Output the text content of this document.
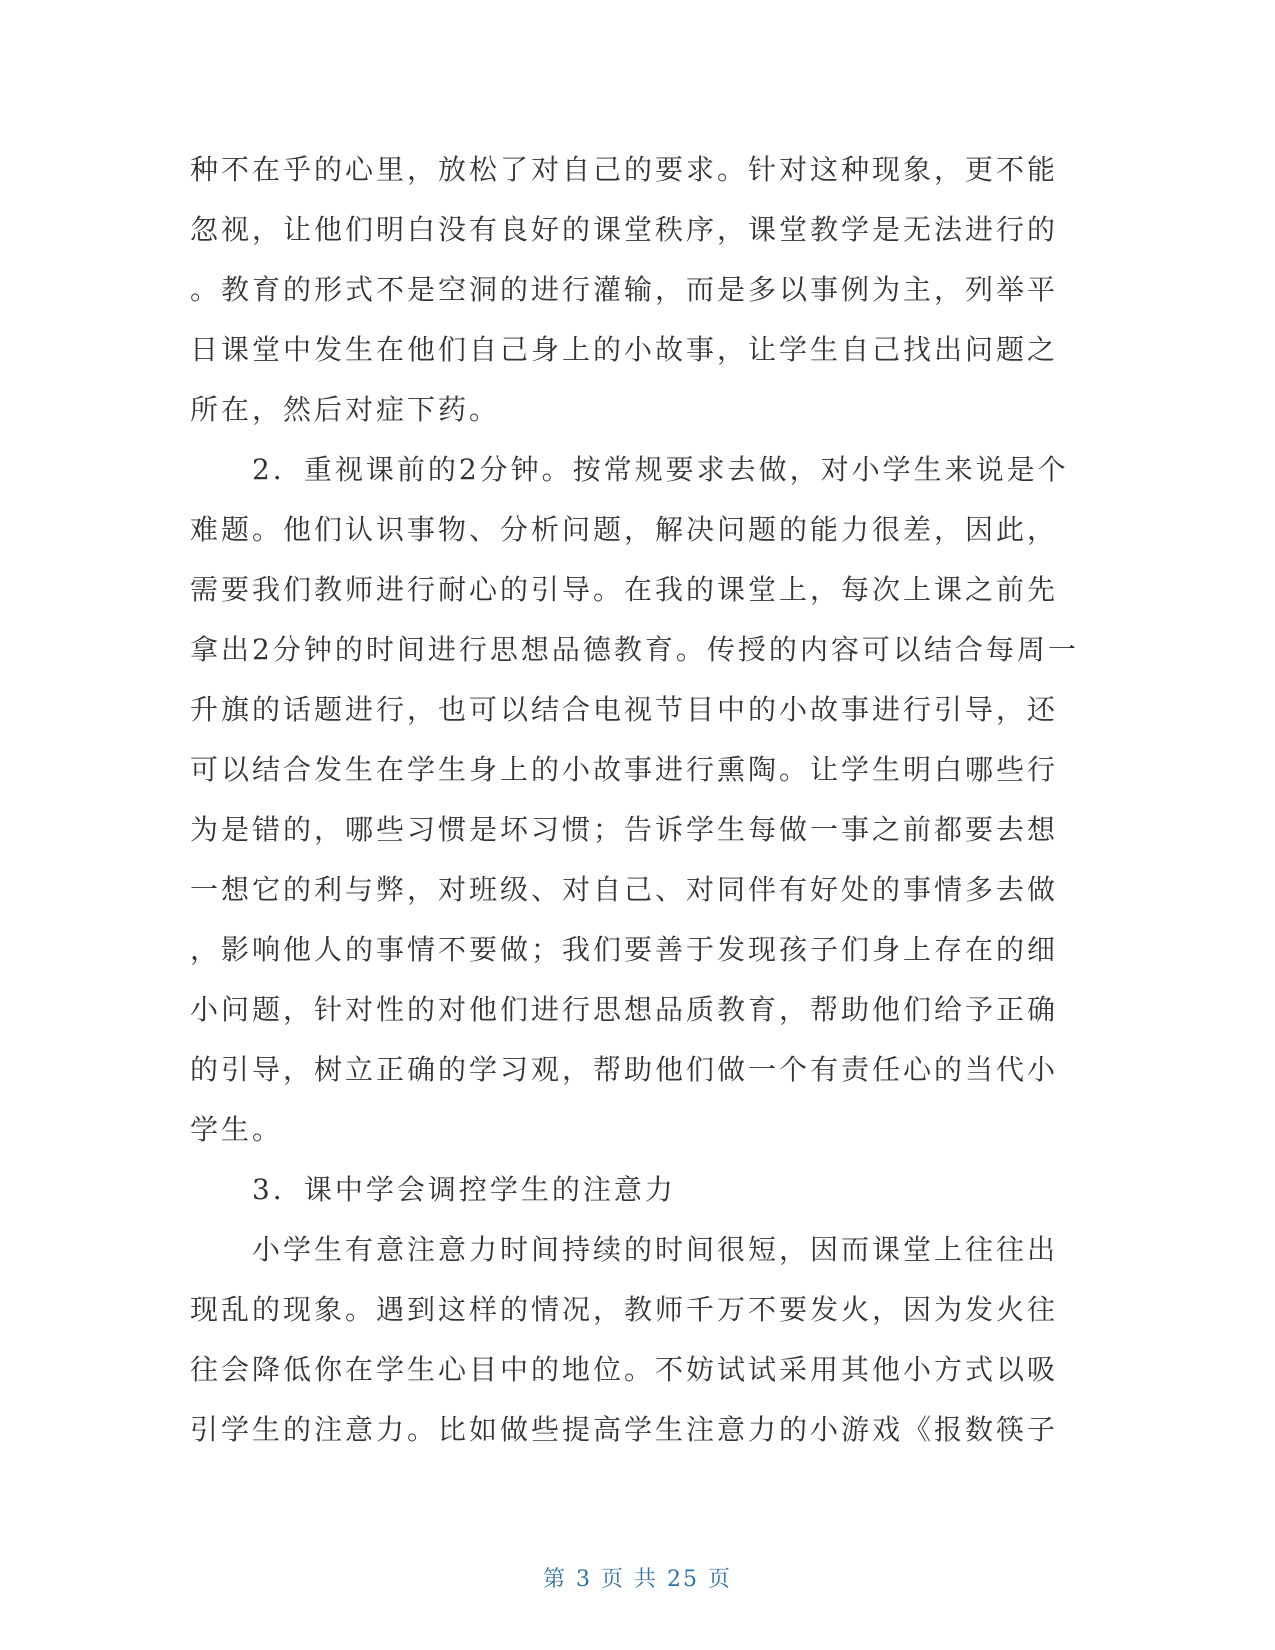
种不在乎的心里，放松了对自己的要求。针对这种现象，更不能
忽视，让他们明白没有良好的课堂秩序，课堂教学是无法进行的
。教育的形式不是空洞的进行灌输，而是多以事例为主，列举平
日课堂中发生在他们自己身上的小故事，让学生自己找出问题之
所在，然后对症下药。
　　2．重视课前的2分钟。按常规要求去做，对小学生来说是个
难题。他们认识事物、分析问题，解决问题的能力很差，因此，
需要我们教师进行耐心的引导。在我的课堂上，每次上课之前先
拿出2分钟的时间进行思想品德教育。传授的内容可以结合每周一
升旗的话题进行，也可以结合电视节目中的小故事进行引导，还
可以结合发生在学生身上的小故事进行熏陶。让学生明白哪些行
为是错的，哪些习惯是坏习惯；告诉学生每做一事之前都要去想
一想它的利与弊，对班级、对自己、对同伴有好处的事情多去做
，影响他人的事情不要做；我们要善于发现孩子们身上存在的细
小问题，针对性的对他们进行思想品质教育，帮助他们给予正确
的引导，树立正确的学习观，帮助他们做一个有责任心的当代小
学生。
　　3．课中学会调控学生的注意力
　　小学生有意注意力时间持续的时间很短，因而课堂上往往出
现乱的现象。遇到这样的情况，教师千万不要发火，因为发火往
往会降低你在学生心目中的地位。不妨试试采用其他小方式以吸
引学生的注意力。比如做些提高学生注意力的小游戏《报数筷子
第 3 页 共 25 页
